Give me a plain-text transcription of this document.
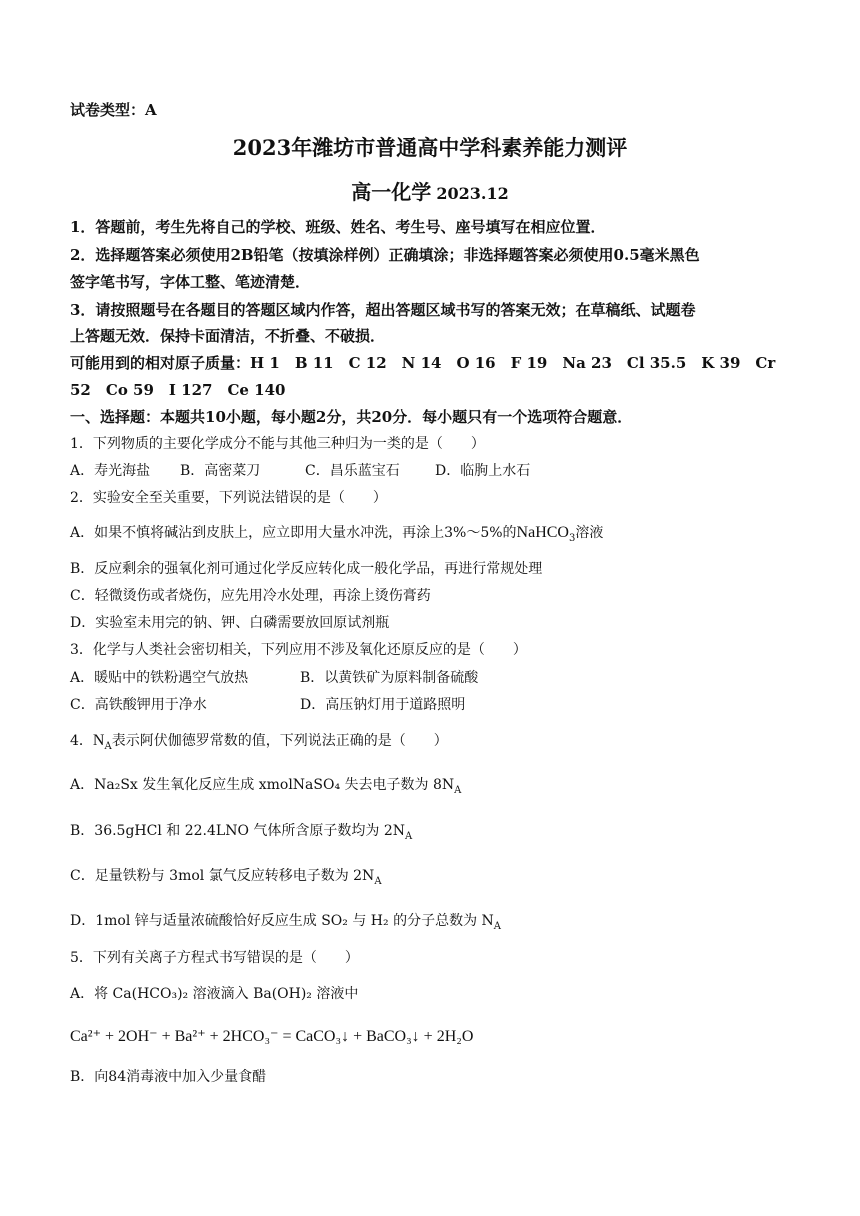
试卷类型：A
2023年潍坊市普通高中学科素养能力测评
高一化学 2023.12
1．答题前，考生先将自己的学校、班级、姓名、考生号、座号填写在相应位置．
2．选择题答案必须使用2B铅笔（按填涂样例）正确填涂；非选择题答案必须使用0.5毫米黑色
签字笔书写，字体工整、笔迹清楚．
3．请按照题号在各题目的答题区域内作答，超出答题区域书写的答案无效；在草稿纸、试题卷
上答题无效．保持卡面清洁，不折叠、不破损．
可能用到的相对原子质量：H 1　B 11　C 12　N 14　O 16　F 19　Na 23　Cl 35.5　K 39　Cr
52　Co 59　I 127　Ce 140
一、选择题：本题共10小题，每小题2分，共20分．每小题只有一个选项符合题意．
1．下列物质的主要化学成分不能与其他三种归为一类的是（　　）
A．寿光海盐 B．高密菜刀	C．昌乐蓝宝石	D．临朐上水石
2．实验安全至关重要，下列说法错误的是（　　）
A．如果不慎将碱沾到皮肤上，应立即用大量水冲洗，再涂上3%～5%的NaHCO$_3$溶液
B．反应剩余的强氧化剂可通过化学反应转化成一般化学品，再进行常规处理
C．轻微烫伤或者烧伤，应先用冷水处理，再涂上烫伤膏药
D．实验室未用完的钠、钾、白磷需要放回原试剂瓶
3．化学与人类社会密切相关，下列应用不涉及氧化还原反应的是（　　）
A．暖贴中的铁粉遇空气放热	B．以黄铁矿为原料制备硫酸
C．高铁酸钾用于净水	D．高压钠灯用于道路照明
4．$N_A$表示阿伏伽德罗常数的值，下列说法正确的是（　　）
A．Na₂Sx 发生氧化反应生成 xmolNaSO₄ 失去电子数为 $8N_A$
B．36.5gHCl 和 22.4LNO 气体所含原子数均为 $2N_A$
C．足量铁粉与 3mol 氯气反应转移电子数为 $2N_A$
D．1mol 锌与适量浓硫酸恰好反应生成 SO₂ 与 H₂ 的分子总数为 $N_A$
5．下列有关离子方程式书写错误的是（　　）
A．将 Ca(HCO₃)₂ 溶液滴入 Ba(OH)₂ 溶液中
Ca²⁺ + 2OH⁻ + Ba²⁺ + 2HCO₃⁻ = CaCO₃↓ + BaCO₃↓ + 2H₂O
B．向84消毒液中加入少量食醋
